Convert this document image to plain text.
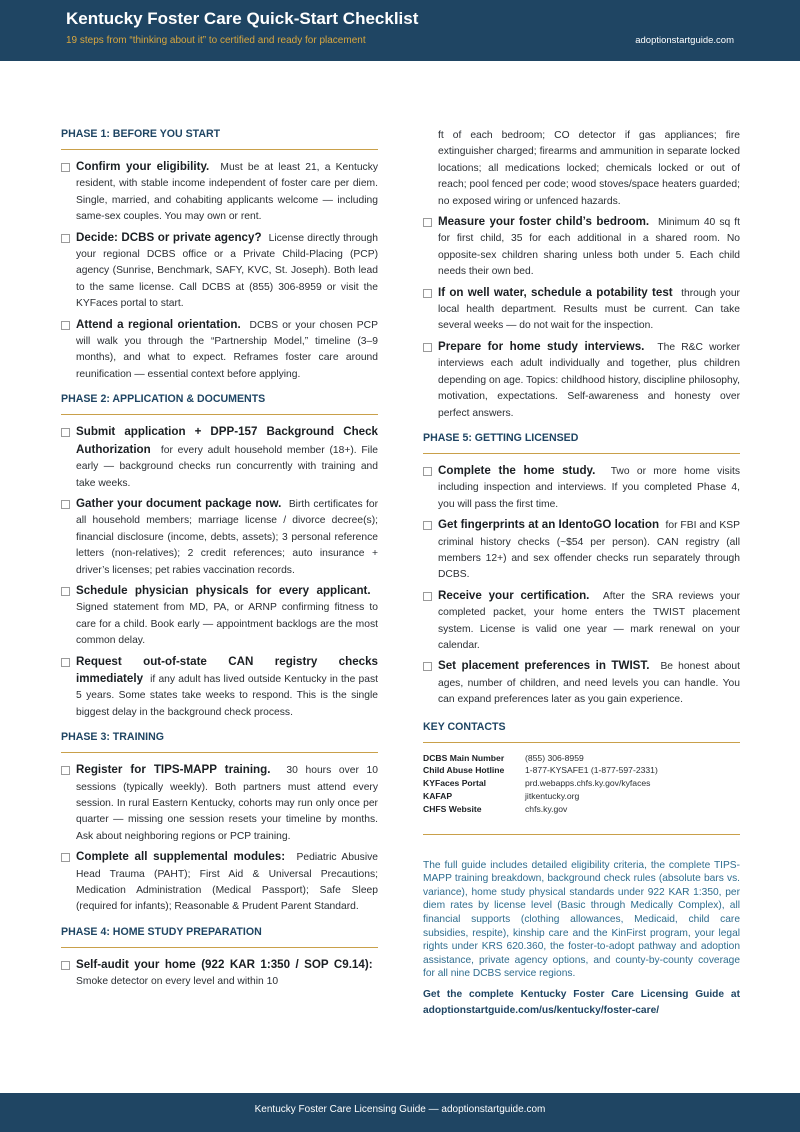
Kentucky Foster Care Quick-Start Checklist
19 steps from “thinking about it” to certified and ready for placement	adoptionstartguide.com
PHASE 1: BEFORE YOU START
Confirm your eligibility.  Must be at least 21, a Kentucky resident, with stable income independent of foster care per diem. Single, married, and cohabiting applicants welcome — including same-sex couples. You may own or rent.
Decide: DCBS or private agency?  License directly through your regional DCBS office or a Private Child-Placing (PCP) agency (Sunrise, Benchmark, SAFY, KVC, St. Joseph). Both lead to the same license. Call DCBS at (855) 306-8959 or visit the KYFaces portal to start.
Attend a regional orientation.  DCBS or your chosen PCP will walk you through the “Partnership Model,” timeline (3–9 months), and what to expect. Reframes foster care around reunification — essential context before applying.
PHASE 2: APPLICATION & DOCUMENTS
Submit application + DPP-157 Background Check Authorization  for every adult household member (18+). File early — background checks run concurrently with training and take weeks.
Gather your document package now.  Birth certificates for all household members; marriage license / divorce decree(s); financial disclosure (income, debts, assets); 3 personal reference letters (non-relatives); 2 credit references; auto insurance + driver’s licenses; pet rabies vaccination records.
Schedule physician physicals for every applicant.  Signed statement from MD, PA, or ARNP confirming fitness to care for a child. Book early — appointment backlogs are the most common delay.
Request out-of-state CAN registry checks immediately  if any adult has lived outside Kentucky in the past 5 years. Some states take weeks to respond. This is the single biggest delay in the background check process.
PHASE 3: TRAINING
Register for TIPS-MAPP training.  30 hours over 10 sessions (typically weekly). Both partners must attend every session. In rural Eastern Kentucky, cohorts may run only once per quarter — missing one session resets your timeline by months. Ask about neighboring regions or PCP training.
Complete all supplemental modules:  Pediatric Abusive Head Trauma (PAHT); First Aid & Universal Precautions; Medication Administration (Medical Passport); Safe Sleep (required for infants); Reasonable & Prudent Parent Standard.
PHASE 4: HOME STUDY PREPARATION
Self-audit your home (922 KAR 1:350 / SOP C9.14):  Smoke detector on every level and within 10
ft of each bedroom; CO detector if gas appliances; fire extinguisher charged; firearms and ammunition in separate locked locations; all medications locked; chemicals locked or out of reach; pool fenced per code; wood stoves/space heaters guarded; no exposed wiring or unfenced hazards.
Measure your foster child’s bedroom.  Minimum 40 sq ft for first child, 35 for each additional in a shared room. No opposite-sex children sharing unless both under 5. Each child needs their own bed.
If on well water, schedule a potability test  through your local health department. Results must be current. Can take several weeks — do not wait for the inspection.
Prepare for home study interviews.  The R&C worker interviews each adult individually and together, plus children depending on age. Topics: childhood history, discipline philosophy, motivation, expectations. Self-awareness and honesty over perfect answers.
PHASE 5: GETTING LICENSED
Complete the home study.  Two or more home visits including inspection and interviews. If you completed Phase 4, you will pass the first time.
Get fingerprints at an IdentoGO location  for FBI and KSP criminal history checks (~$54 per person). CAN registry (all members 12+) and sex offender checks run separately through DCBS.
Receive your certification.  After the SRA reviews your completed packet, your home enters the TWIST placement system. License is valid one year — mark renewal on your calendar.
Set placement preferences in TWIST.  Be honest about ages, number of children, and need levels you can handle. You can expand preferences later as you gain experience.
KEY CONTACTS
DCBS Main Number	(855) 306-8959
Child Abuse Hotline	1-877-KYSAFE1 (1-877-597-2331)
KYFaces Portal	prd.webapps.chfs.ky.gov/kyfaces
KAFAP	jitkentucky.org
CHFS Website	chfs.ky.gov
The full guide includes detailed eligibility criteria, the complete TIPS-MAPP training breakdown, background check rules (absolute bars vs. variance), home study physical standards under 922 KAR 1:350, per diem rates by license level (Basic through Medically Complex), all financial supports (clothing allowances, Medicaid, child care subsidies, respite), kinship care and the KinFirst program, your legal rights under KRS 620.360, the foster-to-adopt pathway and adoption assistance, private agency options, and county-by-county coverage for all nine DCBS service regions.
Get the complete Kentucky Foster Care Licensing Guide at adoptionstartguide.com/us/kentucky/foster-care/
Kentucky Foster Care Licensing Guide — adoptionstartguide.com
